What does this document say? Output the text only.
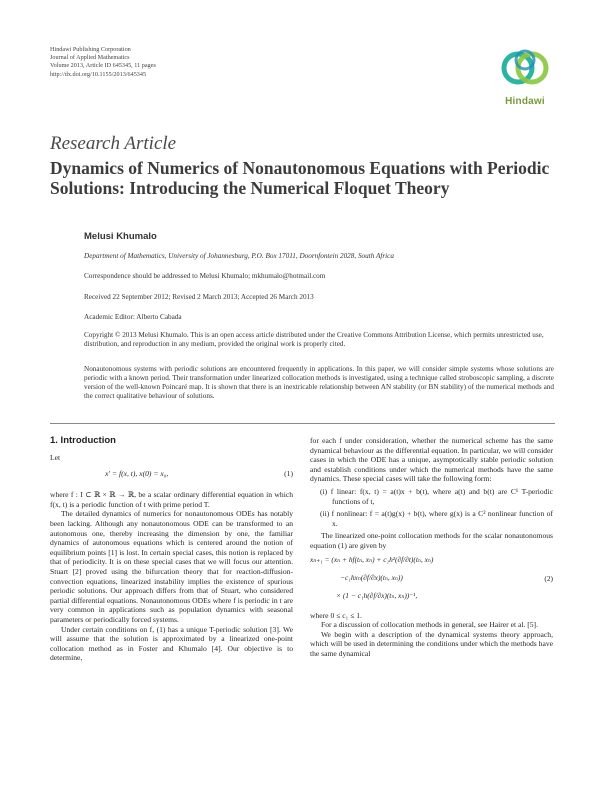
Hindawi Publishing Corporation
Journal of Applied Mathematics
Volume 2013, Article ID 645345, 11 pages
http://dx.doi.org/10.1155/2013/645345
Hindawi
Research Article
Dynamics of Numerics of Nonautonomous Equations with Periodic Solutions: Introducing the Numerical Floquet Theory
Melusi Khumalo
Department of Mathematics, University of Johannesburg, P.O. Box 17011, Doornfontein 2028, South Africa
Correspondence should be addressed to Melusi Khumalo; mkhumalo@hotmail.com
Received 22 September 2012; Revised 2 March 2013; Accepted 26 March 2013
Academic Editor: Alberto Cabada
Copyright © 2013 Melusi Khumalo. This is an open access article distributed under the Creative Commons Attribution License, which permits unrestricted use, distribution, and reproduction in any medium, provided the original work is properly cited.
Nonautonomous systems with periodic solutions are encountered frequently in applications. In this paper, we will consider simple systems whose solutions are periodic with a known period. Their transformation under linearized collocation methods is investigated, using a technique called stroboscopic sampling, a discrete version of the well-known Poincaré map. It is shown that there is an inextricable relationship between AN stability (or BN stability) of the numerical methods and the correct qualitative behaviour of solutions.
1. Introduction

Let

x′ = f(x, t), x(0) = x₀,	(1)

where f : I ⊂ ℝ × ℝ → ℝ, be a scalar ordinary differential equation in which f(x, t) is a periodic function of t with prime period T.

The detailed dynamics of numerics for nonautonomous ODEs has notably been lacking. Although any nonautonomous ODE can be transformed to an autonomous one, thereby increasing the dimension by one, the familiar dynamics of autonomous equations which is centered around the notion of equilibrium points [1] is lost. In certain special cases, this notion is replaced by that of periodicity. It is on these special cases that we will focus our attention. Stuart [2] proved using the bifurcation theory that for reaction-diffusion-convection equations, linearized instability implies the existence of spurious periodic solutions. Our approach differs from that of Stuart, who considered partial differential equations. Nonautonomous ODEs where f is periodic in t are very common in applications such as population dynamics with seasonal parameters or periodically forced systems.

Under certain conditions on f, (1) has a unique T-periodic solution [3]. We will assume that the solution is approximated by a linearized one-point collocation method as in Foster and Khumalo [4]. Our objective is to determine,

for each f under consideration, whether the numerical scheme has the same dynamical behaviour as the differential equation. In particular, we will consider cases in which the ODE has a unique, asymptotically stable periodic solution and establish conditions under which the numerical methods have the same dynamics. These special cases will take the following form:

(i) f linear: f(x, t) = a(t)x + b(t), where a(t) and b(t) are C¹ T-periodic functions of t,
(ii) f nonlinear: f = a(t)g(x) + b(t), where g(x) is a C² nonlinear function of x.

The linearized one-point collocation methods for the scalar nonautonomous equation (1) are given by

xₙ₊₁ = (xₙ + hf(tₙ, xₙ) + c₁h²(∂f/∂t)(tₙ, xₙ)
−c₁hxₙ(∂f/∂x)(tₙ, xₙ))
× (1 − c₁h(∂f/∂x)(tₙ, xₙ))⁻¹,
(2)

where 0 ≤ c₁ ≤ 1.

For a discussion of collocation methods in general, see Hairer et al. [5].

We begin with a description of the dynamical systems theory approach, which will be used in determining the conditions under which the methods have the same dynamical
